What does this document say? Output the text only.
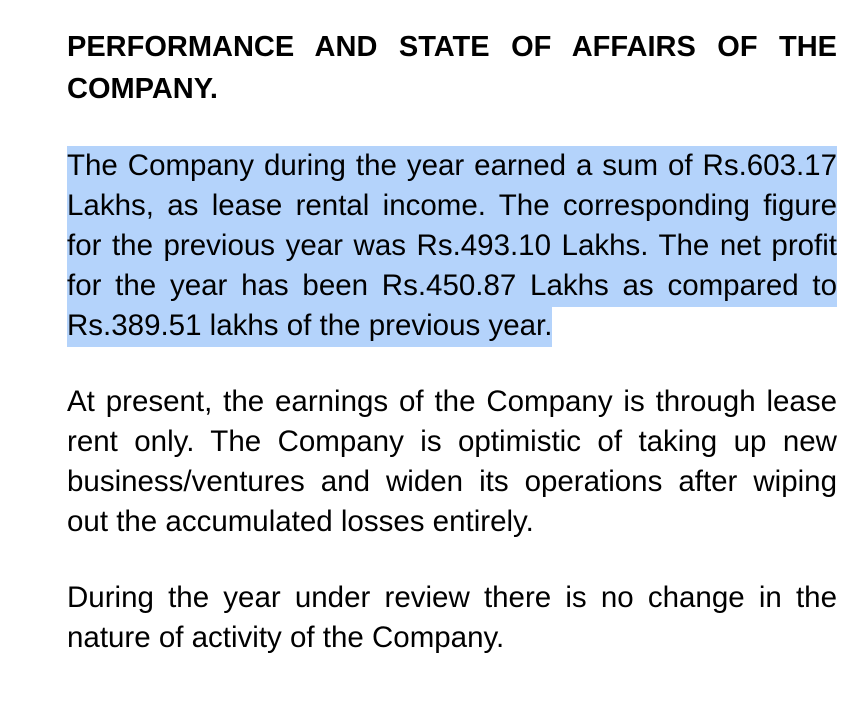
PERFORMANCE AND STATE OF AFFAIRS OF THE COMPANY.

The Company during the year earned a sum of Rs.603.17 Lakhs, as lease rental income. The corresponding figure for the previous year was Rs.493.10 Lakhs. The net profit for the year has been Rs.450.87 Lakhs as compared to Rs.389.51 lakhs of the previous year.

At present, the earnings of the Company is through lease rent only. The Company is optimistic of taking up new business/ventures and widen its operations after wiping out the accumulated losses entirely.

During the year under review there is no change in the nature of activity of the Company.
